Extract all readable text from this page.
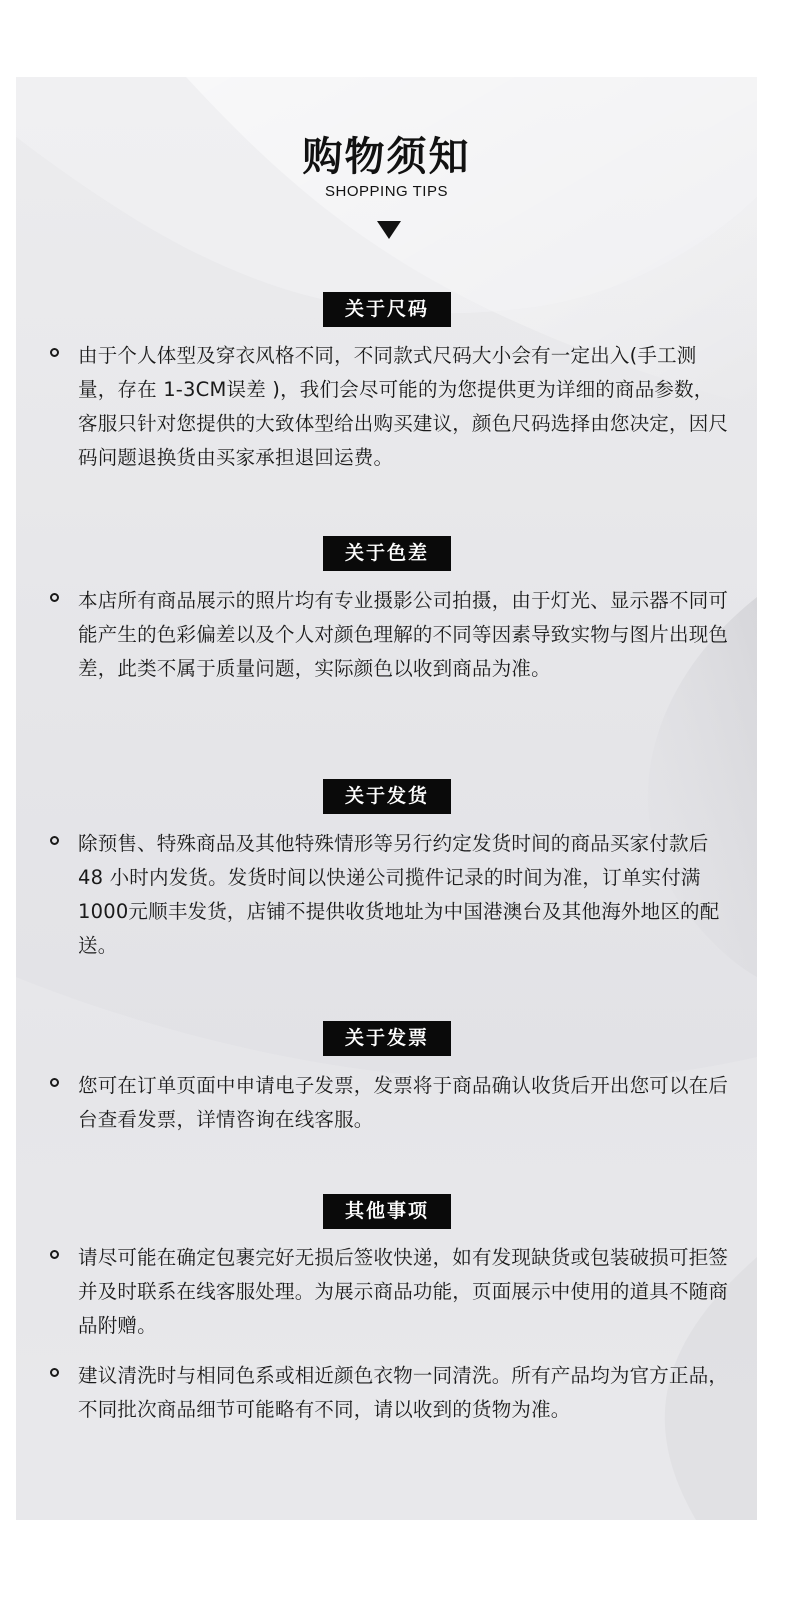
购物须知
SHOPPING TIPS
关于尺码
由于个人体型及穿衣风格不同，不同款式尺码大小会有一定出入(手工测量，存在 1-3CM误差 )，我们会尽可能的为您提供更为详细的商品参数，客服只针对您提供的大致体型给出购买建议，颜色尺码选择由您决定，因尺码问题退换货由买家承担退回运费。
关于色差
本店所有商品展示的照片均有专业摄影公司拍摄，由于灯光、显示器不同可能产生的色彩偏差以及个人对颜色理解的不同等因素导致实物与图片出现色差，此类不属于质量问题，实际颜色以收到商品为准。
关于发货
除预售、特殊商品及其他特殊情形等另行约定发货时间的商品买家付款后 48 小时内发货。发货时间以快递公司揽件记录的时间为准，订单实付满1000元顺丰发货，店铺不提供收货地址为中国港澳台及其他海外地区的配送。
关于发票
您可在订单页面中申请电子发票，发票将于商品确认收货后开出您可以在后台查看发票，详情咨询在线客服。
其他事项
请尽可能在确定包裹完好无损后签收快递，如有发现缺货或包装破损可拒签并及时联系在线客服处理。为展示商品功能，页面展示中使用的道具不随商品附赠。
建议清洗时与相同色系或相近颜色衣物一同清洗。所有产品均为官方正品，不同批次商品细节可能略有不同，请以收到的货物为准。
